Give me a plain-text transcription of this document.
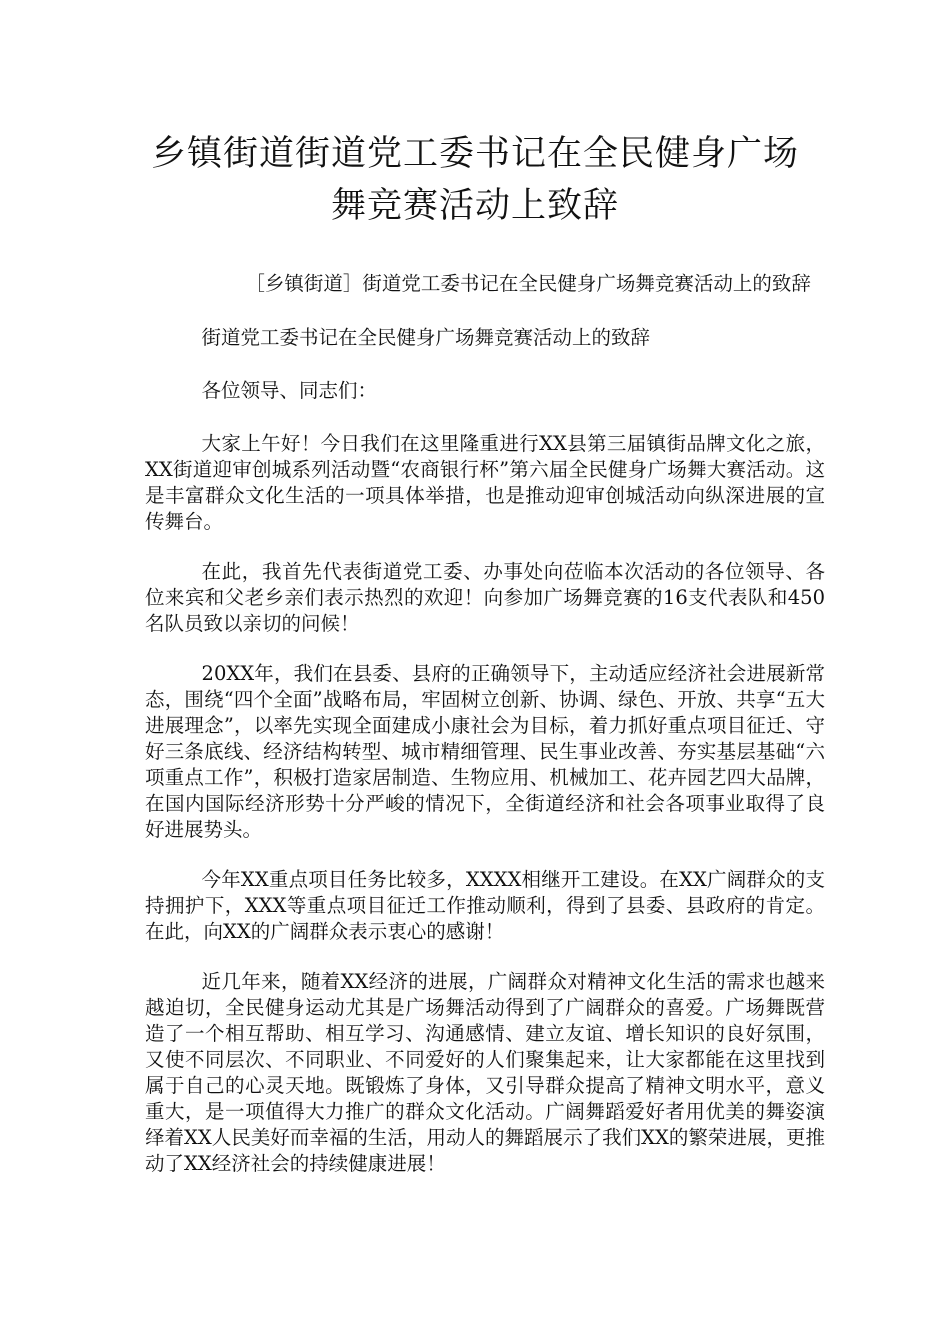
乡镇街道街道党工委书记在全民健身广场
舞竞赛活动上致辞

［乡镇街道］街道党工委书记在全民健身广场舞竞赛活动上的致辞

街道党工委书记在全民健身广场舞竞赛活动上的致辞

各位领导、同志们：

大家上午好！今日我们在这里隆重进行XX县第三届镇街品牌文化之旅，XX街道迎审创城系列活动暨“农商银行杯”第六届全民健身广场舞大赛活动。这是丰富群众文化生活的一项具体举措，也是推动迎审创城活动向纵深进展的宣传舞台。

在此，我首先代表街道党工委、办事处向莅临本次活动的各位领导、各位来宾和父老乡亲们表示热烈的欢迎！向参加广场舞竞赛的16支代表队和450名队员致以亲切的问候！

20XX年，我们在县委、县府的正确领导下，主动适应经济社会进展新常态，围绕“四个全面”战略布局，牢固树立创新、协调、绿色、开放、共享“五大进展理念”，以率先实现全面建成小康社会为目标，着力抓好重点项目征迁、守好三条底线、经济结构转型、城市精细管理、民生事业改善、夯实基层基础“六项重点工作”，积极打造家居制造、生物应用、机械加工、花卉园艺四大品牌，在国内国际经济形势十分严峻的情况下，全街道经济和社会各项事业取得了良好进展势头。

今年XX重点项目任务比较多，XXXX相继开工建设。在XX广阔群众的支持拥护下，XXX等重点项目征迁工作推动顺利，得到了县委、县政府的肯定。在此，向XX的广阔群众表示衷心的感谢！

近几年来，随着XX经济的进展，广阔群众对精神文化生活的需求也越来越迫切，全民健身运动尤其是广场舞活动得到了广阔群众的喜爱。广场舞既营造了一个相互帮助、相互学习、沟通感情、建立友谊、增长知识的良好氛围，又使不同层次、不同职业、不同爱好的人们聚集起来，让大家都能在这里找到属于自己的心灵天地。既锻炼了身体，又引导群众提高了精神文明水平，意义重大，是一项值得大力推广的群众文化活动。广阔舞蹈爱好者用优美的舞姿演绎着XX人民美好而幸福的生活，用动人的舞蹈展示了我们XX的繁荣进展，更推动了XX经济社会的持续健康进展！
